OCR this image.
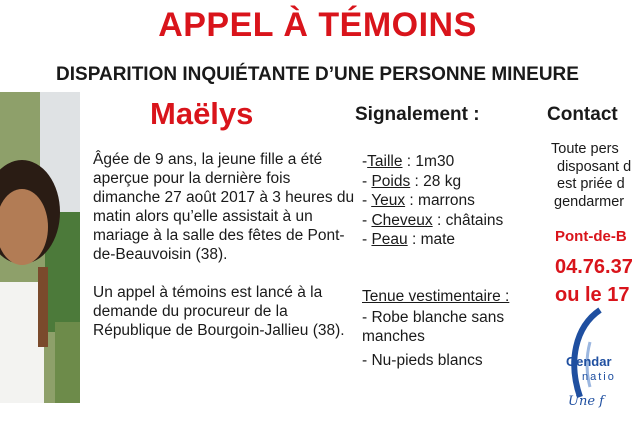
APPEL À TÉMOINS
DISPARITION INQUIÉTANTE D’UNE PERSONNE MINEURE
Maëlys

Âgée de 9 ans, la jeune fille a été aperçue pour la dernière fois dimanche 27 août 2017 à 3 heures du matin alors qu’elle assistait à un mariage à la salle des fêtes de Pont-de-Beauvoisin (38).

Un appel à témoins est lancé à la demande du procureur de la République de Bourgoin-Jallieu (38).

Signalement :
-Taille : 1m30
- Poids : 28 kg
- Yeux : marrons
- Cheveux : châtains
- Peau : mate
Tenue vestimentaire :
- Robe blanche sans manches
- Nu-pieds blancs
Contact
Toute pers
disposant d
est priée d
gendarmer
Pont-de-B
04.76.37
ou le 17
Gendar
natio
Une f
